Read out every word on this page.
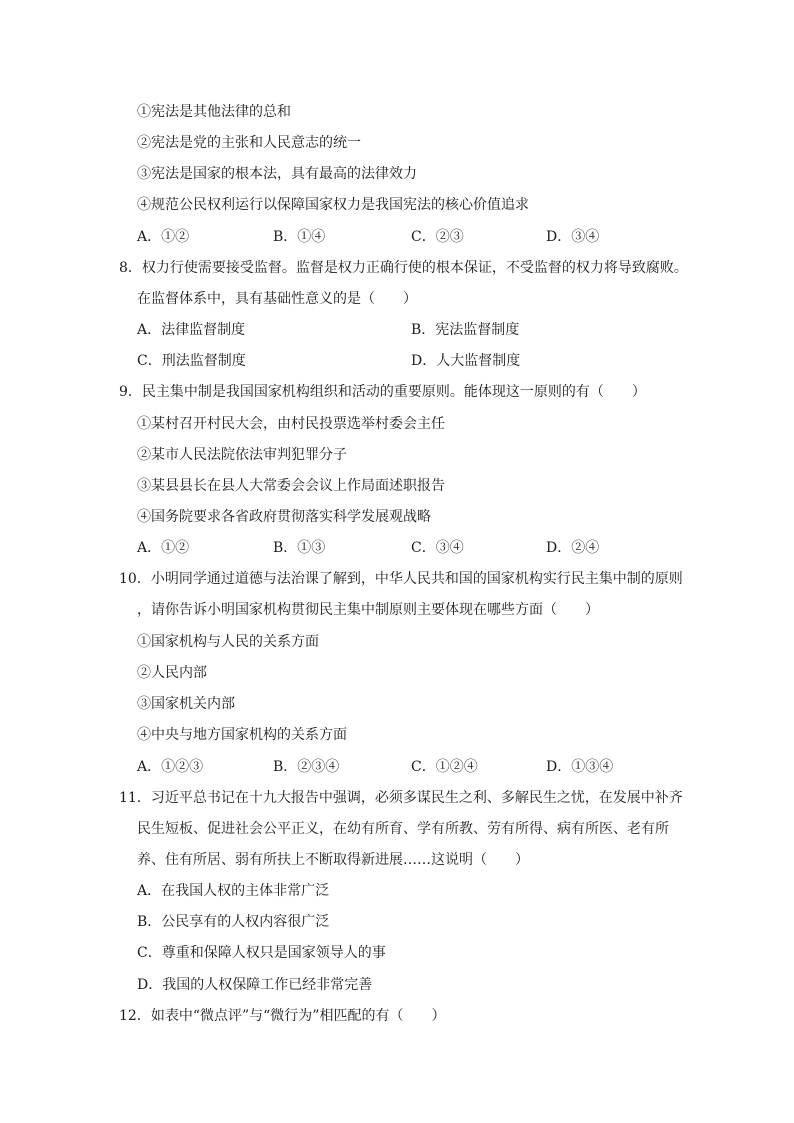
①宪法是其他法律的总和
②宪法是党的主张和人民意志的统一
③宪法是国家的根本法，具有最高的法律效力
④规范公民权利运行以保障国家权力是我国宪法的核心价值追求
A．①②	B．①④	C．②③	D．③④
8．权力行使需要接受监督。监督是权力正确行使的根本保证，不受监督的权力将导致腐败。
在监督体系中，具有基础性意义的是（　　）
A．法律监督制度	B．宪法监督制度
C．刑法监督制度	D．人大监督制度
9．民主集中制是我国国家机构组织和活动的重要原则。能体现这一原则的有（　　）
①某村召开村民大会，由村民投票选举村委会主任
②某市人民法院依法审判犯罪分子
③某县县长在县人大常委会会议上作局面述职报告
④国务院要求各省政府贯彻落实科学发展观战略
A．①②	B．①③	C．③④	D．②④
10．小明同学通过道德与法治课了解到，中华人民共和国的国家机构实行民主集中制的原则
，请你告诉小明国家机构贯彻民主集中制原则主要体现在哪些方面（　　）
①国家机构与人民的关系方面
②人民内部
③国家机关内部
④中央与地方国家机构的关系方面
A．①②③	B．②③④	C．①②④	D．①③④
11．习近平总书记在十九大报告中强调，必须多谋民生之利、多解民生之忧，在发展中补齐
民生短板、促进社会公平正义，在幼有所育、学有所教、劳有所得、病有所医、老有所
养、住有所居、弱有所扶上不断取得新进展……这说明（　　）
A．在我国人权的主体非常广泛
B．公民享有的人权内容很广泛
C．尊重和保障人权只是国家领导人的事
D．我国的人权保障工作已经非常完善
12．如表中“微点评”与“微行为”相匹配的有（　　）
